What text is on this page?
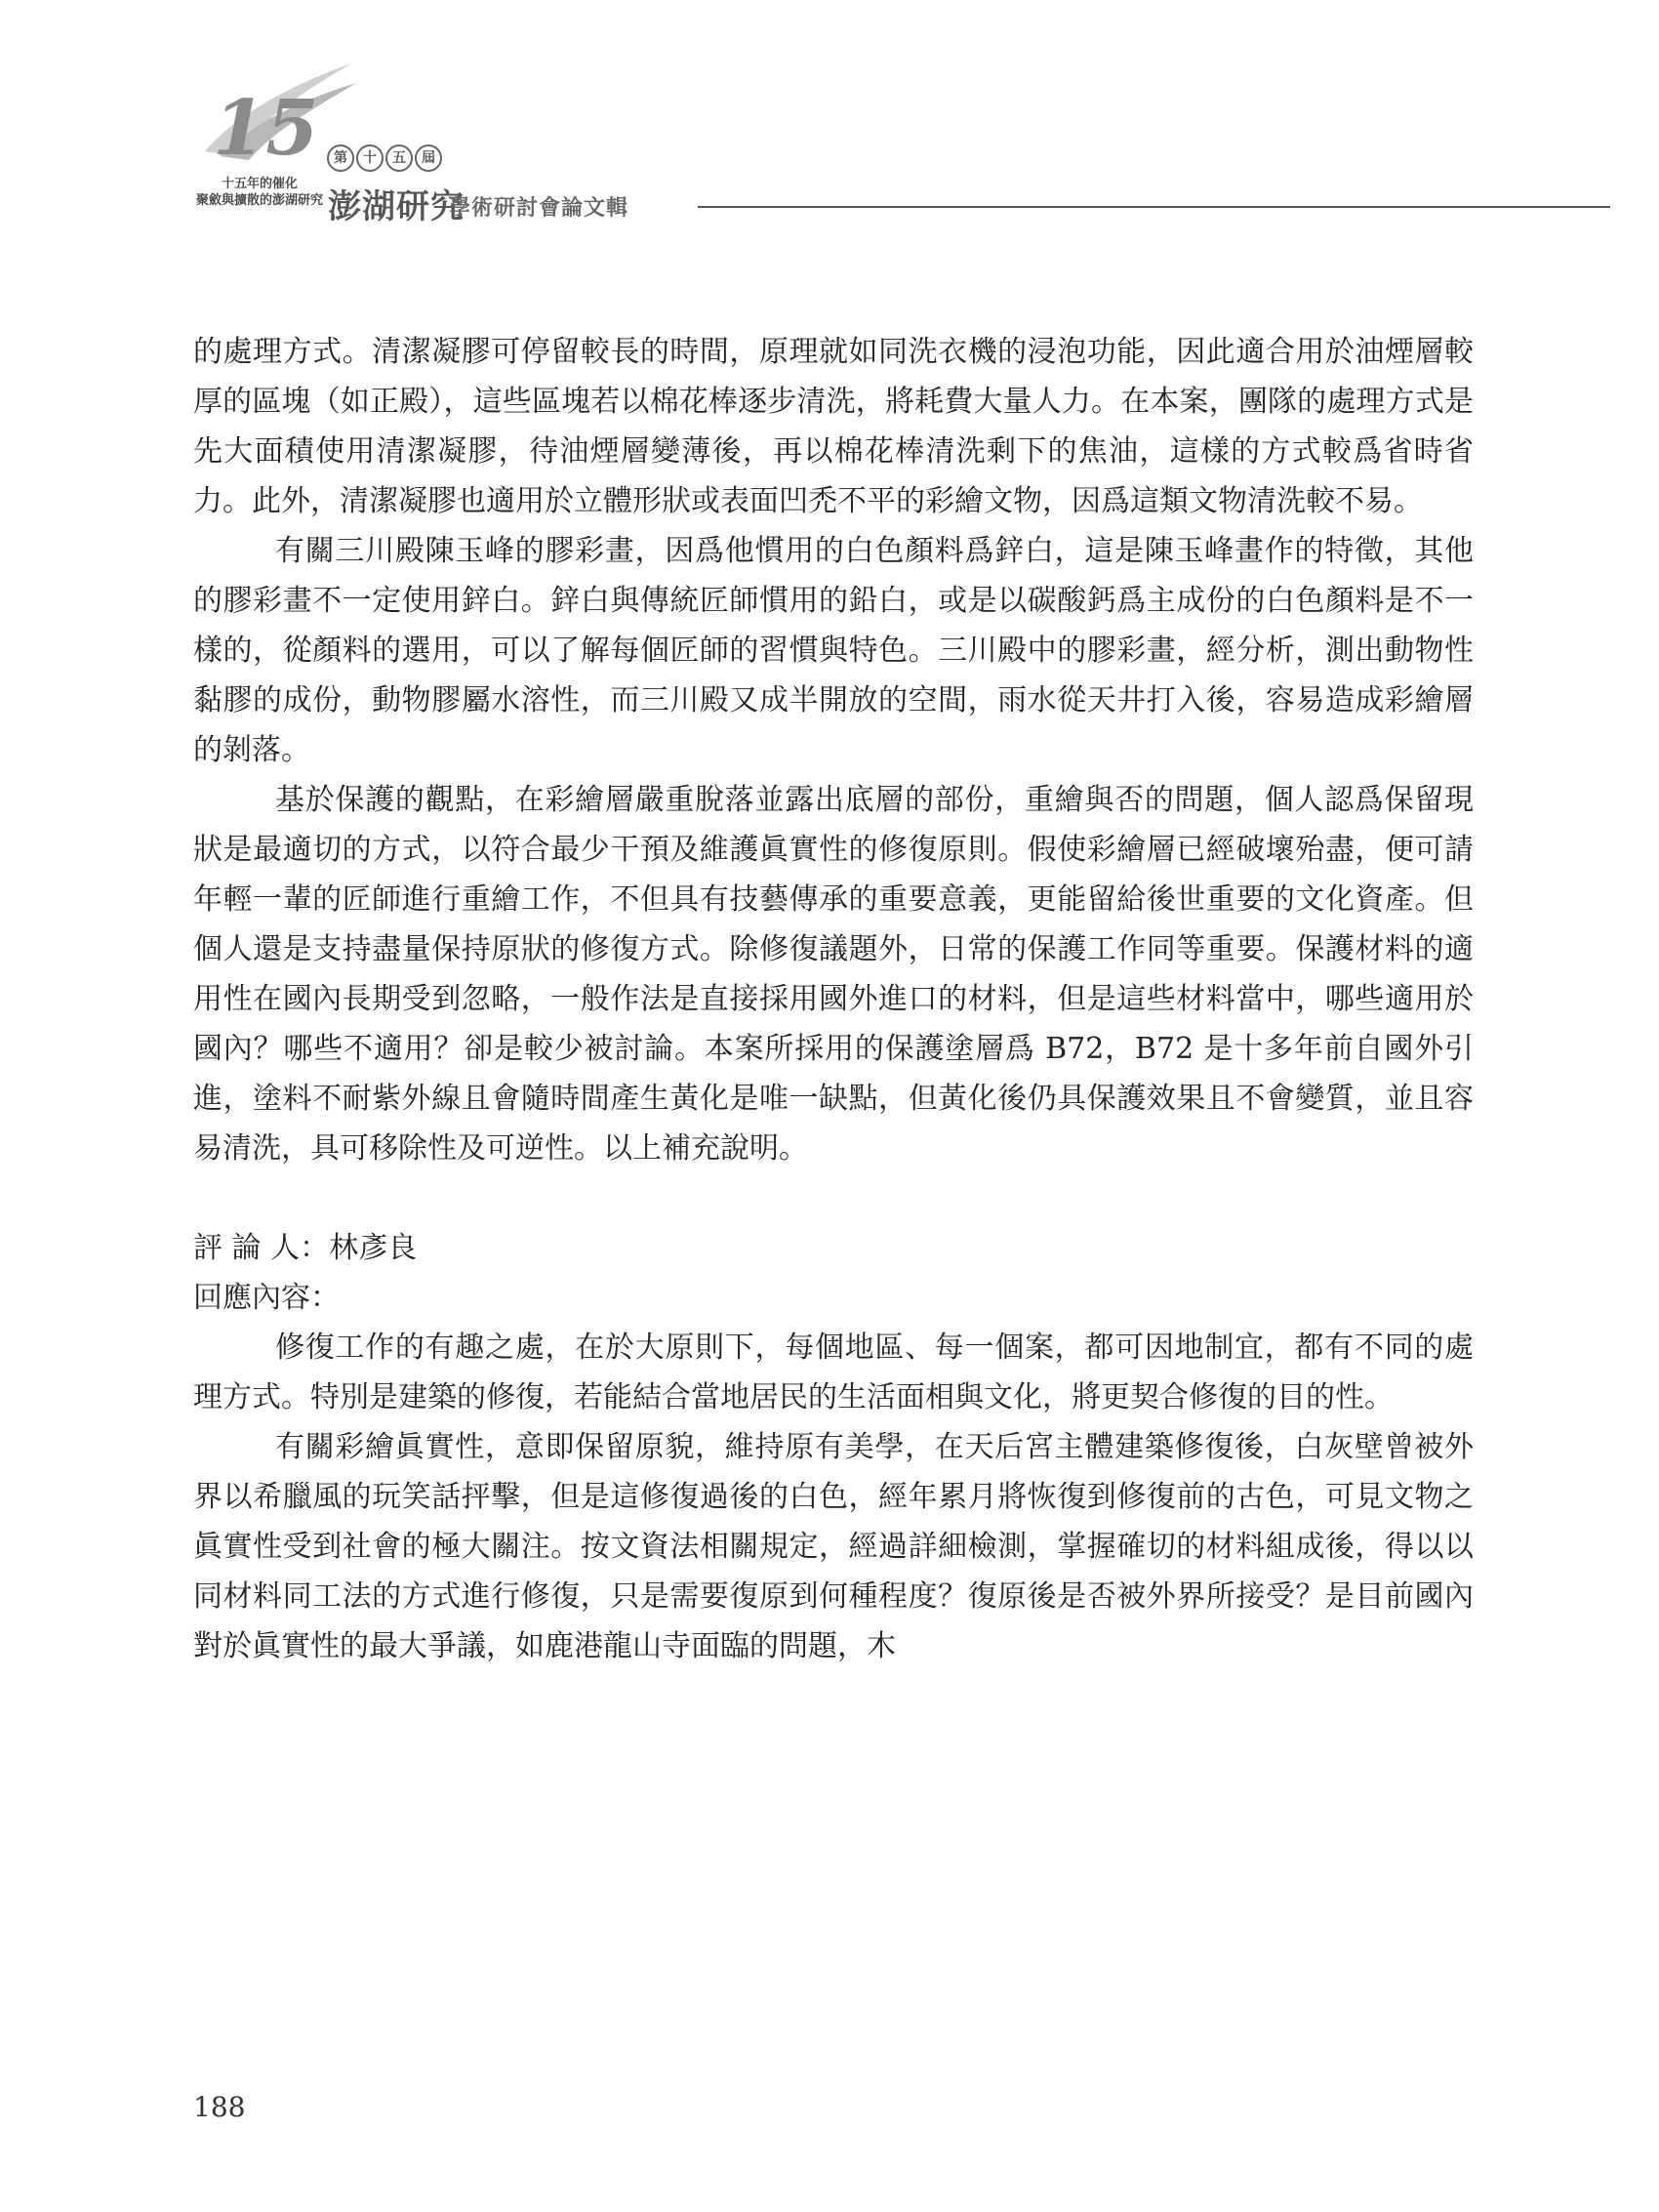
15
十五年的催化
聚斂與擴散的澎湖研究
第	十	五	屆
澎湖研究
學術研討會論文輯

的處理方式。清潔凝膠可停留較長的時間，原理就如同洗衣機的浸泡功能，因此適合用於油煙層較厚的區塊（如正殿），這些區塊若以棉花棒逐步清洗，將耗費大量人力。在本案，團隊的處理方式是先大面積使用清潔凝膠，待油煙層變薄後，再以棉花棒清洗剩下的焦油，這樣的方式較爲省時省力。此外，清潔凝膠也適用於立體形狀或表面凹禿不平的彩繪文物，因爲這類文物清洗較不易。

有關三川殿陳玉峰的膠彩畫，因爲他慣用的白色顏料爲鋅白，這是陳玉峰畫作的特徵，其他的膠彩畫不一定使用鋅白。鋅白與傳統匠師慣用的鉛白，或是以碳酸鈣爲主成份的白色顏料是不一樣的，從顏料的選用，可以了解每個匠師的習慣與特色。三川殿中的膠彩畫，經分析，測出動物性黏膠的成份，動物膠屬水溶性，而三川殿又成半開放的空間，雨水從天井打入後，容易造成彩繪層的剝落。

基於保護的觀點，在彩繪層嚴重脫落並露出底層的部份，重繪與否的問題，個人認爲保留現狀是最適切的方式，以符合最少干預及維護眞實性的修復原則。假使彩繪層已經破壞殆盡，便可請年輕一輩的匠師進行重繪工作，不但具有技藝傳承的重要意義，更能留給後世重要的文化資產。但個人還是支持盡量保持原狀的修復方式。除修復議題外，日常的保護工作同等重要。保護材料的適用性在國內長期受到忽略，一般作法是直接採用國外進口的材料，但是這些材料當中，哪些適用於國內？哪些不適用？卻是較少被討論。本案所採用的保護塗層爲 B72，B72 是十多年前自國外引進，塗料不耐紫外線且會隨時間產生黃化是唯一缺點，但黃化後仍具保護效果且不會變質，並且容易清洗，具可移除性及可逆性。以上補充說明。

評 論 人：林彥良

回應內容：

修復工作的有趣之處，在於大原則下，每個地區、每一個案，都可因地制宜，都有不同的處理方式。特別是建築的修復，若能結合當地居民的生活面相與文化，將更契合修復的目的性。

有關彩繪眞實性，意即保留原貌，維持原有美學，在天后宮主體建築修復後，白灰壁曾被外界以希臘風的玩笑話抨擊，但是這修復過後的白色，經年累月將恢復到修復前的古色，可見文物之眞實性受到社會的極大關注。按文資法相關規定，經過詳細檢測，掌握確切的材料組成後，得以以同材料同工法的方式進行修復，只是需要復原到何種程度？復原後是否被外界所接受？是目前國內對於眞實性的最大爭議，如鹿港龍山寺面臨的問題，木

188
